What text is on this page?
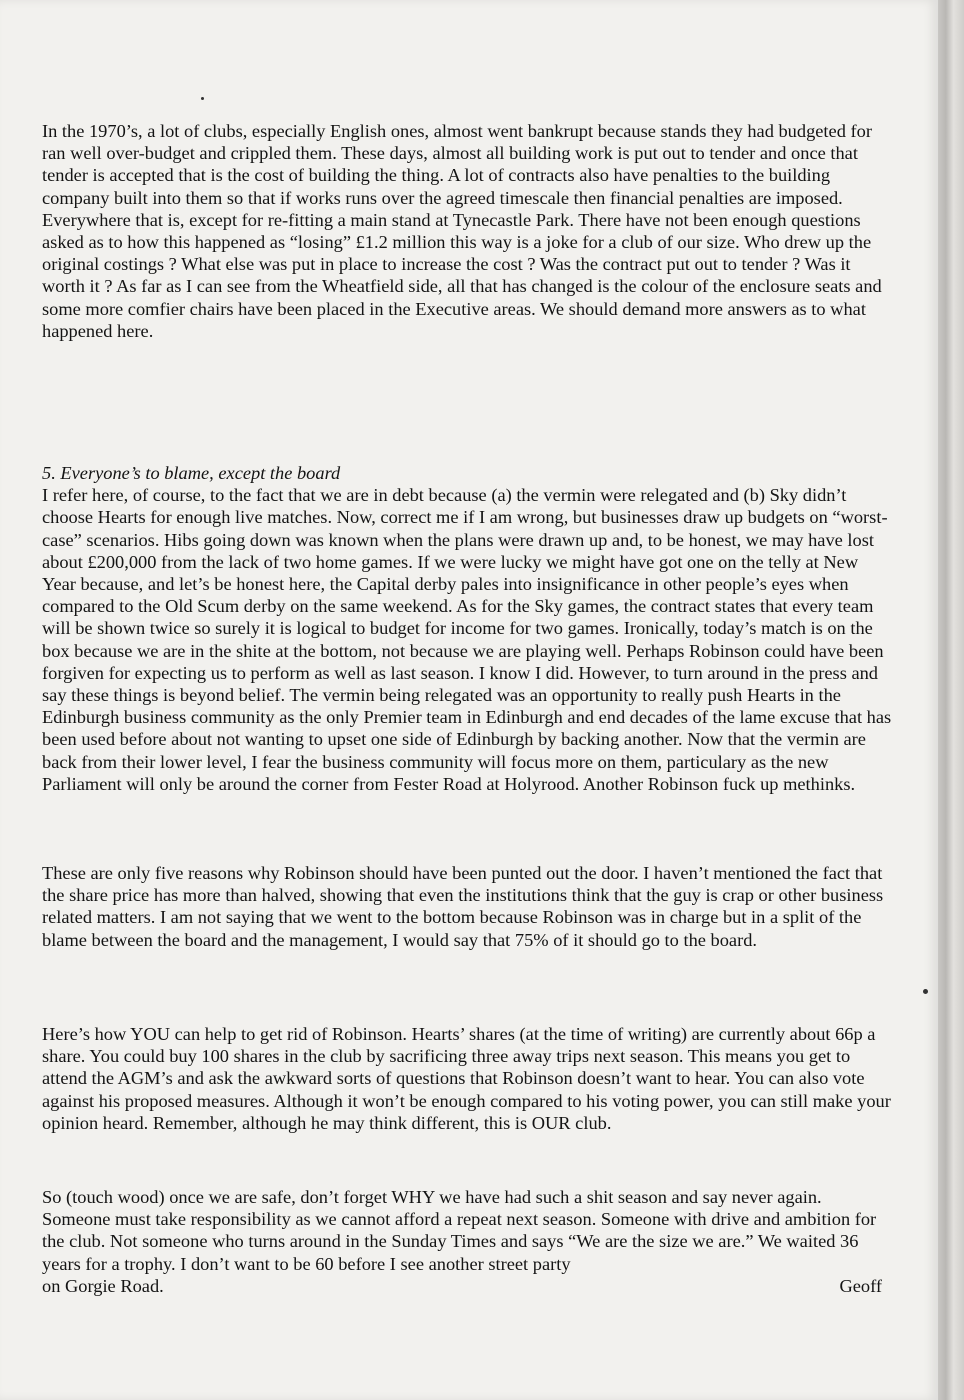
In the 1970’s, a lot of clubs, especially English ones, almost went bankrupt because stands they had budgeted for ran well over-budget and crippled them. These days, almost all building work is put out to tender and once that tender is accepted that is the cost of building the thing. A lot of contracts also have penalties to the building company built into them so that if works runs over the agreed timescale then financial penalties are imposed. Everywhere that is, except for re-fitting a main stand at Tynecastle Park. There have not been enough questions asked as to how this happened as “losing” £1.2 million this way is a joke for a club of our size. Who drew up the original costings ? What else was put in place to increase the cost ? Was the contract put out to tender ? Was it worth it ? As far as I can see from the Wheatfield side, all that has changed is the colour of the enclosure seats and some more comfier chairs have been placed in the Executive areas. We should demand more answers as to what happened here.

5. Everyone’s to blame, except the board

I refer here, of course, to the fact that we are in debt because (a) the vermin were relegated and (b) Sky didn’t choose Hearts for enough live matches. Now, correct me if I am wrong, but businesses draw up budgets on “worst-case” scenarios. Hibs going down was known when the plans were drawn up and, to be honest, we may have lost about £200,000 from the lack of two home games. If we were lucky we might have got one on the telly at New Year because, and let’s be honest here, the Capital derby pales into insignificance in other people’s eyes when compared to the Old Scum derby on the same weekend. As for the Sky games, the contract states that every team will be shown twice so surely it is logical to budget for income for two games. Ironically, today’s match is on the box because we are in the shite at the bottom, not because we are playing well. Perhaps Robinson could have been forgiven for expecting us to perform as well as last season. I know I did. However, to turn around in the press and say these things is beyond belief. The vermin being relegated was an opportunity to really push Hearts in the Edinburgh business community as the only Premier team in Edinburgh and end decades of the lame excuse that has been used before about not wanting to upset one side of Edinburgh by backing another. Now that the vermin are back from their lower level, I fear the business community will focus more on them, particulary as the new Parliament will only be around the corner from Fester Road at Holyrood. Another Robinson fuck up methinks.

These are only five reasons why Robinson should have been punted out the door. I haven’t mentioned the fact that the share price has more than halved, showing that even the institutions think that the guy is crap or other business related matters. I am not saying that we went to the bottom because Robinson was in charge but in a split of the blame between the board and the management, I would say that 75% of it should go to the board.

Here’s how YOU can help to get rid of Robinson. Hearts’ shares (at the time of writing) are currently about 66p a share. You could buy 100 shares in the club by sacrificing three away trips next season. This means you get to attend the AGM’s and ask the awkward sorts of questions that Robinson doesn’t want to hear. You can also vote against his proposed measures. Although it won’t be enough compared to his voting power, you can still make your opinion heard. Remember, although he may think different, this is OUR club.

So (touch wood) once we are safe, don’t forget WHY we have had such a shit season and say never again. Someone must take responsibility as we cannot afford a repeat next season. Someone with drive and ambition for the club. Not someone who turns around in the Sunday Times and says “We are the size we are.” We waited 36 years for a trophy. I don’t want to be 60 before I see another street party

on Gorgie Road.	Geoff
